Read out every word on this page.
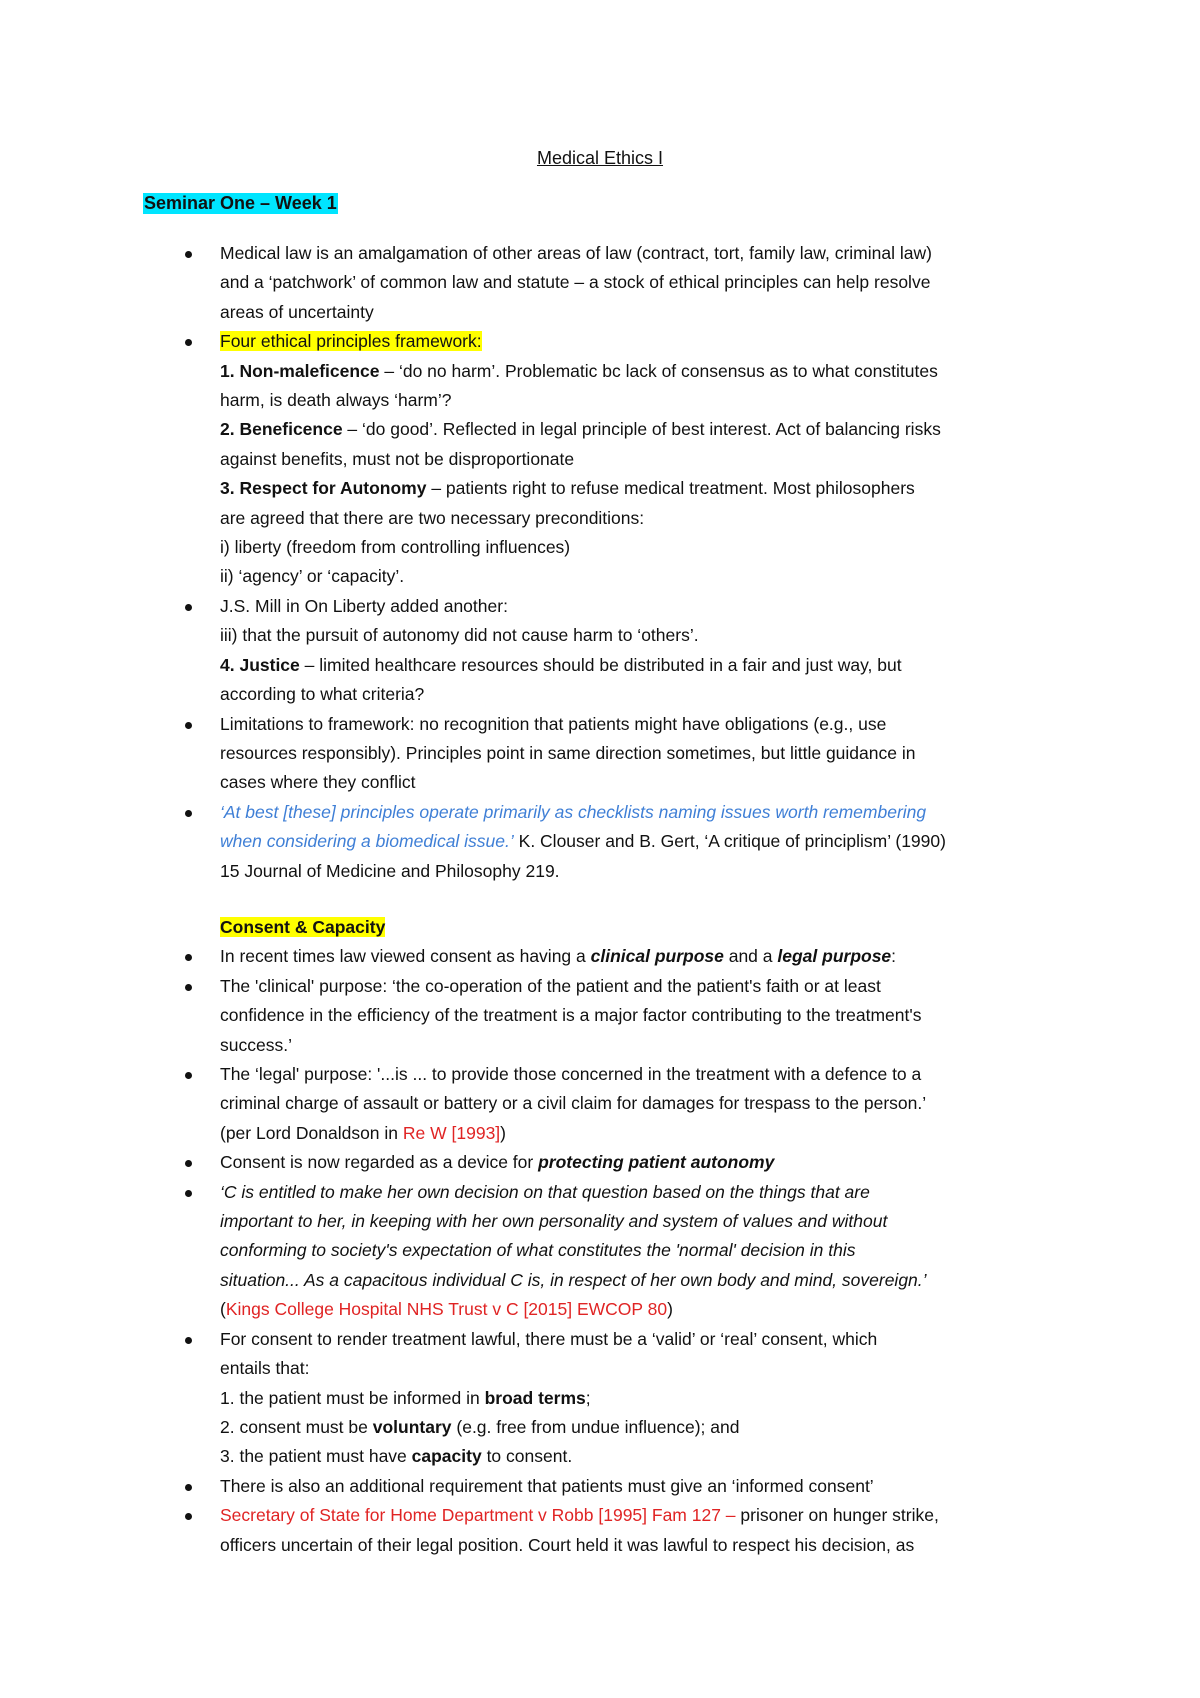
Medical Ethics I

Seminar One – Week 1

Medical law is an amalgamation of other areas of law (contract, tort, family law, criminal law)
and a ‘patchwork’ of common law and statute – a stock of ethical principles can help resolve
areas of uncertainty
Four ethical principles framework:
1. Non-maleficence – ‘do no harm’. Problematic bc lack of consensus as to what constitutes
harm, is death always ‘harm’?
2. Beneficence – ‘do good’. Reflected in legal principle of best interest. Act of balancing risks
against benefits, must not be disproportionate
3. Respect for Autonomy – patients right to refuse medical treatment. Most philosophers
are agreed that there are two necessary preconditions:
i) liberty (freedom from controlling influences)
ii) ‘agency’ or ‘capacity’.
J.S. Mill in On Liberty added another:
iii) that the pursuit of autonomy did not cause harm to ‘others’.
4. Justice – limited healthcare resources should be distributed in a fair and just way, but
according to what criteria?
Limitations to framework: no recognition that patients might have obligations (e.g., use
resources responsibly). Principles point in same direction sometimes, but little guidance in
cases where they conflict
‘At best [these] principles operate primarily as checklists naming issues worth remembering
when considering a biomedical issue.’ K. Clouser and B. Gert, ‘A critique of principlism’ (1990)
15 Journal of Medicine and Philosophy 219.
Consent & Capacity
In recent times law viewed consent as having a clinical purpose and a legal purpose:
The 'clinical' purpose: ‘the co-operation of the patient and the patient's faith or at least
confidence in the efficiency of the treatment is a major factor contributing to the treatment's
success.’
The ‘legal' purpose: '...is ... to provide those concerned in the treatment with a defence to a
criminal charge of assault or battery or a civil claim for damages for trespass to the person.’
(per Lord Donaldson in Re W [1993])
Consent is now regarded as a device for protecting patient autonomy
‘C is entitled to make her own decision on that question based on the things that are
important to her, in keeping with her own personality and system of values and without
conforming to society's expectation of what constitutes the 'normal' decision in this
situation... As a capacitous individual C is, in respect of her own body and mind, sovereign.’
(Kings College Hospital NHS Trust v C [2015] EWCOP 80)
For consent to render treatment lawful, there must be a ‘valid’ or ‘real’ consent, which
entails that:
1. the patient must be informed in broad terms;
2. consent must be voluntary (e.g. free from undue influence); and
3. the patient must have capacity to consent.
There is also an additional requirement that patients must give an ‘informed consent’
Secretary of State for Home Department v Robb [1995] Fam 127 – prisoner on hunger strike,
officers uncertain of their legal position. Court held it was lawful to respect his decision, as
